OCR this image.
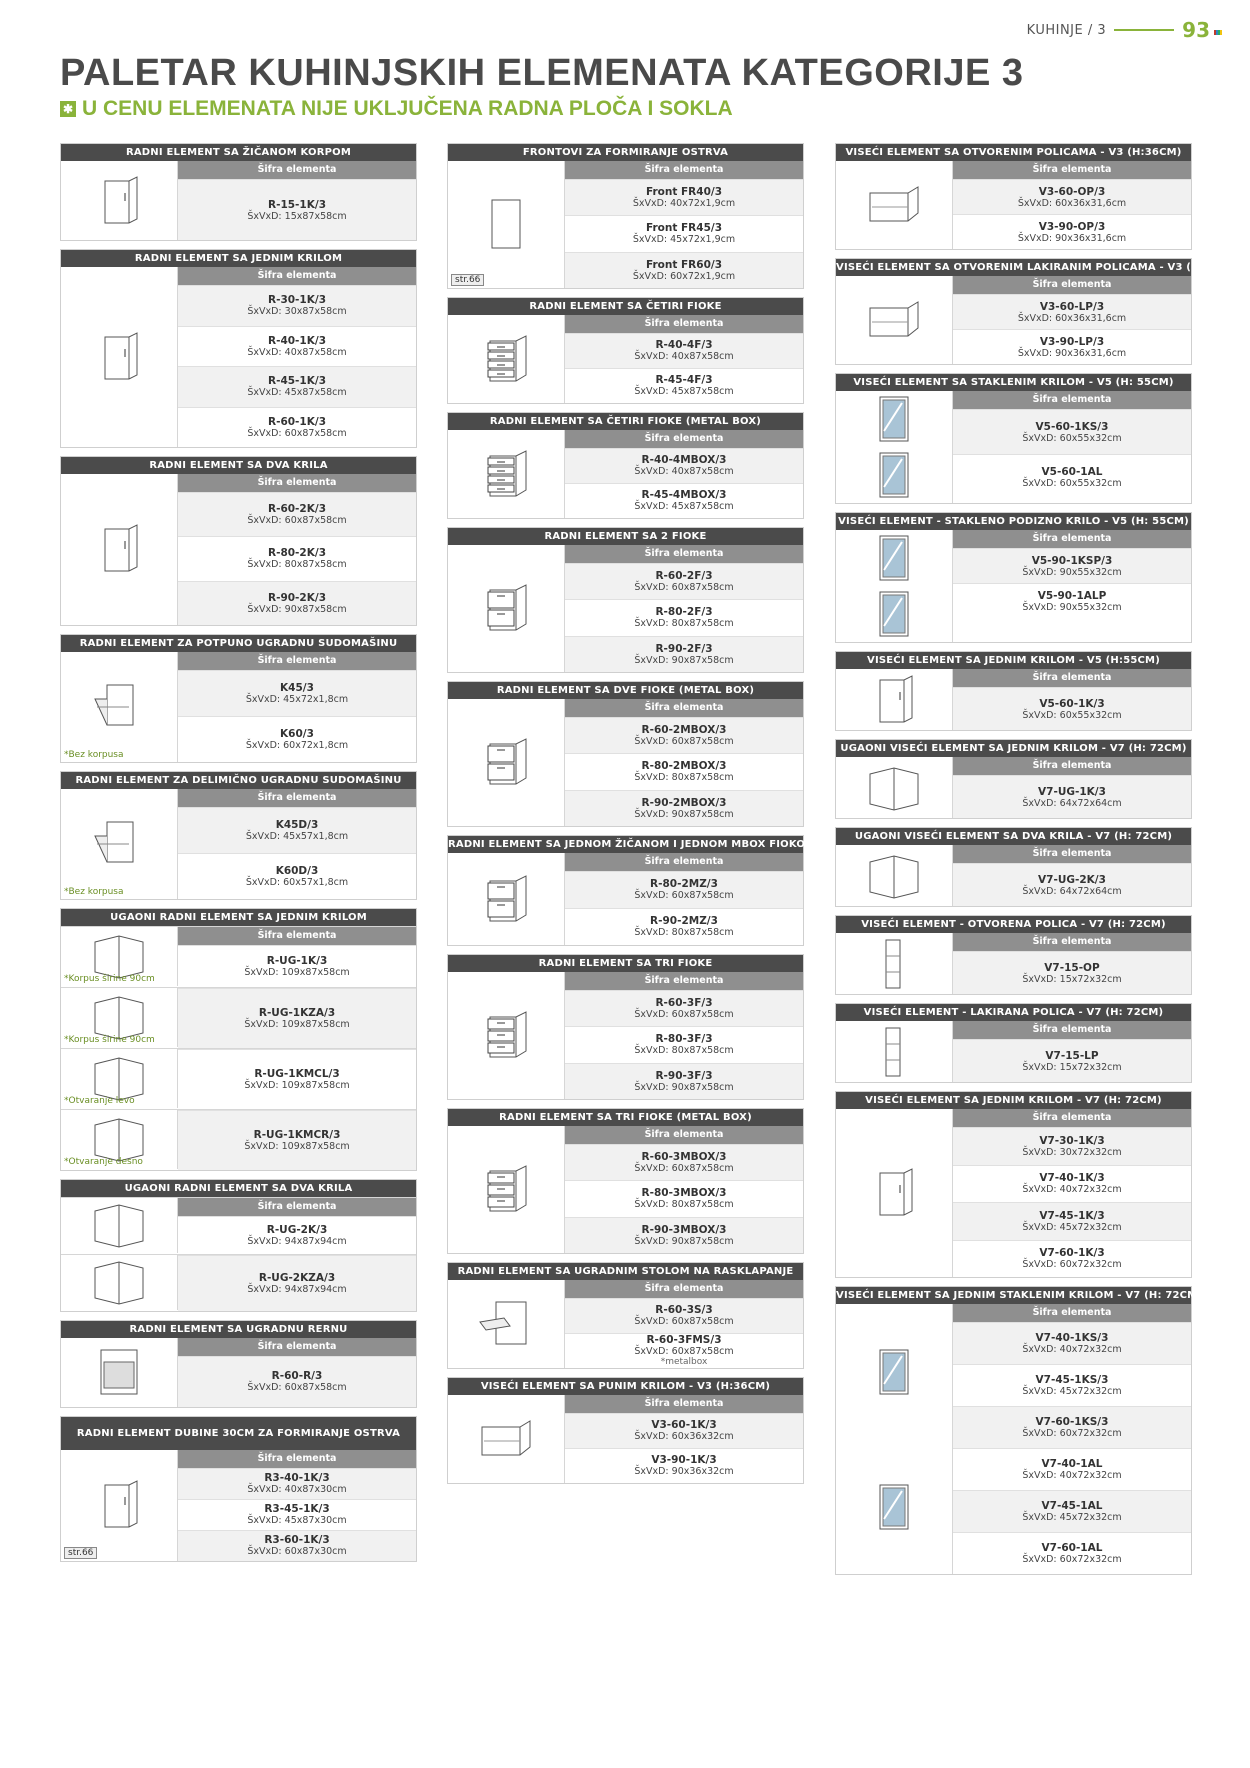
KUHINJE / 3	93
PALETAR KUHINJSKIH ELEMENATA KATEGORIJE 3
✱ U CENU ELEMENATA NIJE UKLJUČENA RADNA PLOČA I SOKLA
RADNI ELEMENT SA ŽIČANOM KORPOM
Šifra elementa
R-15-1K/3
ŠxVxD: 15x87x58cm
RADNI ELEMENT SA JEDNIM KRILOM
Šifra elementa
R-30-1K/3
ŠxVxD: 30x87x58cm
R-40-1K/3
ŠxVxD: 40x87x58cm
R-45-1K/3
ŠxVxD: 45x87x58cm
R-60-1K/3
ŠxVxD: 60x87x58cm
RADNI ELEMENT SA DVA KRILA
Šifra elementa
R-60-2K/3
ŠxVxD: 60x87x58cm
R-80-2K/3
ŠxVxD: 80x87x58cm
R-90-2K/3
ŠxVxD: 90x87x58cm
RADNI ELEMENT ZA POTPUNO UGRADNU SUDOMAŠINU
*Bez korpusa
Šifra elementa
K45/3
ŠxVxD: 45x72x1,8cm
K60/3
ŠxVxD: 60x72x1,8cm
RADNI ELEMENT ZA DELIMIČNO UGRADNU SUDOMAŠINU
*Bez korpusa
Šifra elementa
K45D/3
ŠxVxD: 45x57x1,8cm
K60D/3
ŠxVxD: 60x57x1,8cm
UGAONI RADNI ELEMENT SA JEDNIM KRILOM
*Korpus širine 90cm
Šifra elementa
R-UG-1K/3
ŠxVxD: 109x87x58cm
*Korpus širine 90cm
R-UG-1KZA/3
ŠxVxD: 109x87x58cm
*Otvaranje levo
R-UG-1KMCL/3
ŠxVxD: 109x87x58cm
*Otvaranje desno
R-UG-1KMCR/3
ŠxVxD: 109x87x58cm
UGAONI RADNI ELEMENT SA DVA KRILA
Šifra elementa
R-UG-2K/3
ŠxVxD: 94x87x94cm
R-UG-2KZA/3
ŠxVxD: 94x87x94cm
RADNI ELEMENT SA UGRADNU RERNU
Šifra elementa
R-60-R/3
ŠxVxD: 60x87x58cm
RADNI ELEMENT DUBINE 30CM ZA FORMIRANJE OSTRVA
str.66
Šifra elementa
R3-40-1K/3
ŠxVxD: 40x87x30cm
R3-45-1K/3
ŠxVxD: 45x87x30cm
R3-60-1K/3
ŠxVxD: 60x87x30cm
FRONTOVI ZA FORMIRANJE OSTRVA
str.66
Šifra elementa
Front FR40/3
ŠxVxD: 40x72x1,9cm
Front FR45/3
ŠxVxD: 45x72x1,9cm
Front FR60/3
ŠxVxD: 60x72x1,9cm
RADNI ELEMENT SA ČETIRI FIOKE
Šifra elementa
R-40-4F/3
ŠxVxD: 40x87x58cm
R-45-4F/3
ŠxVxD: 45x87x58cm
RADNI ELEMENT SA ČETIRI FIOKE (METAL BOX)
Šifra elementa
R-40-4MBOX/3
ŠxVxD: 40x87x58cm
R-45-4MBOX/3
ŠxVxD: 45x87x58cm
RADNI ELEMENT SA 2 FIOKE
Šifra elementa
R-60-2F/3
ŠxVxD: 60x87x58cm
R-80-2F/3
ŠxVxD: 80x87x58cm
R-90-2F/3
ŠxVxD: 90x87x58cm
RADNI ELEMENT SA DVE FIOKE (METAL BOX)
Šifra elementa
R-60-2MBOX/3
ŠxVxD: 60x87x58cm
R-80-2MBOX/3
ŠxVxD: 80x87x58cm
R-90-2MBOX/3
ŠxVxD: 90x87x58cm
RADNI ELEMENT SA JEDNOM ŽIČANOM I JEDNOM MBOX FIOKOM
Šifra elementa
R-80-2MZ/3
ŠxVxD: 60x87x58cm
R-90-2MZ/3
ŠxVxD: 80x87x58cm
RADNI ELEMENT SA TRI FIOKE
Šifra elementa
R-60-3F/3
ŠxVxD: 60x87x58cm
R-80-3F/3
ŠxVxD: 80x87x58cm
R-90-3F/3
ŠxVxD: 90x87x58cm
RADNI ELEMENT SA TRI FIOKE (METAL BOX)
Šifra elementa
R-60-3MBOX/3
ŠxVxD: 60x87x58cm
R-80-3MBOX/3
ŠxVxD: 80x87x58cm
R-90-3MBOX/3
ŠxVxD: 90x87x58cm
RADNI ELEMENT SA UGRADNIM STOLOM NA RASKLAPANJE
Šifra elementa
R-60-3S/3
ŠxVxD: 60x87x58cm
R-60-3FMS/3
ŠxVxD: 60x87x58cm
*metalbox
VISEĆI ELEMENT SA PUNIM KRILOM - V3 (H:36CM)
Šifra elementa
V3-60-1K/3
ŠxVxD: 60x36x32cm
V3-90-1K/3
ŠxVxD: 90x36x32cm
VISEĆI ELEMENT SA OTVORENIM POLICAMA - V3 (H:36CM)
Šifra elementa
V3-60-OP/3
ŠxVxD: 60x36x31,6cm
V3-90-OP/3
ŠxVxD: 90x36x31,6cm
VISEĆI ELEMENT SA OTVORENIM LAKIRANIM POLICAMA - V3 (H:36CM)
Šifra elementa
V3-60-LP/3
ŠxVxD: 60x36x31,6cm
V3-90-LP/3
ŠxVxD: 90x36x31,6cm
VISEĆI ELEMENT SA STAKLENIM KRILOM - V5 (H: 55CM)
Šifra elementa
V5-60-1KS/3
ŠxVxD: 60x55x32cm
V5-60-1AL
ŠxVxD: 60x55x32cm
VISEĆI ELEMENT - STAKLENO PODIZNO KRILO - V5 (H: 55CM)
Šifra elementa
V5-90-1KSP/3
ŠxVxD: 90x55x32cm
V5-90-1ALP
ŠxVxD: 90x55x32cm
VISEĆI ELEMENT SA JEDNIM KRILOM - V5 (H:55CM)
Šifra elementa
V5-60-1K/3
ŠxVxD: 60x55x32cm
UGAONI VISEĆI ELEMENT SA JEDNIM KRILOM - V7 (H: 72CM)
Šifra elementa
V7-UG-1K/3
ŠxVxD: 64x72x64cm
UGAONI VISEĆI ELEMENT SA DVA KRILA - V7 (H: 72CM)
Šifra elementa
V7-UG-2K/3
ŠxVxD: 64x72x64cm
VISEĆI ELEMENT - OTVORENA POLICA - V7 (H: 72CM)
Šifra elementa
V7-15-OP
ŠxVxD: 15x72x32cm
VISEĆI ELEMENT - LAKIRANA POLICA - V7 (H: 72CM)
Šifra elementa
V7-15-LP
ŠxVxD: 15x72x32cm
VISEĆI ELEMENT SA JEDNIM KRILOM - V7 (H: 72CM)
Šifra elementa
V7-30-1K/3
ŠxVxD: 30x72x32cm
V7-40-1K/3
ŠxVxD: 40x72x32cm
V7-45-1K/3
ŠxVxD: 45x72x32cm
V7-60-1K/3
ŠxVxD: 60x72x32cm
VISEĆI ELEMENT SA JEDNIM STAKLENIM KRILOM - V7 (H: 72CM)
Šifra elementa
V7-40-1KS/3
ŠxVxD: 40x72x32cm
V7-45-1KS/3
ŠxVxD: 45x72x32cm
V7-60-1KS/3
ŠxVxD: 60x72x32cm
V7-40-1AL
ŠxVxD: 40x72x32cm
V7-45-1AL
ŠxVxD: 45x72x32cm
V7-60-1AL
ŠxVxD: 60x72x32cm
